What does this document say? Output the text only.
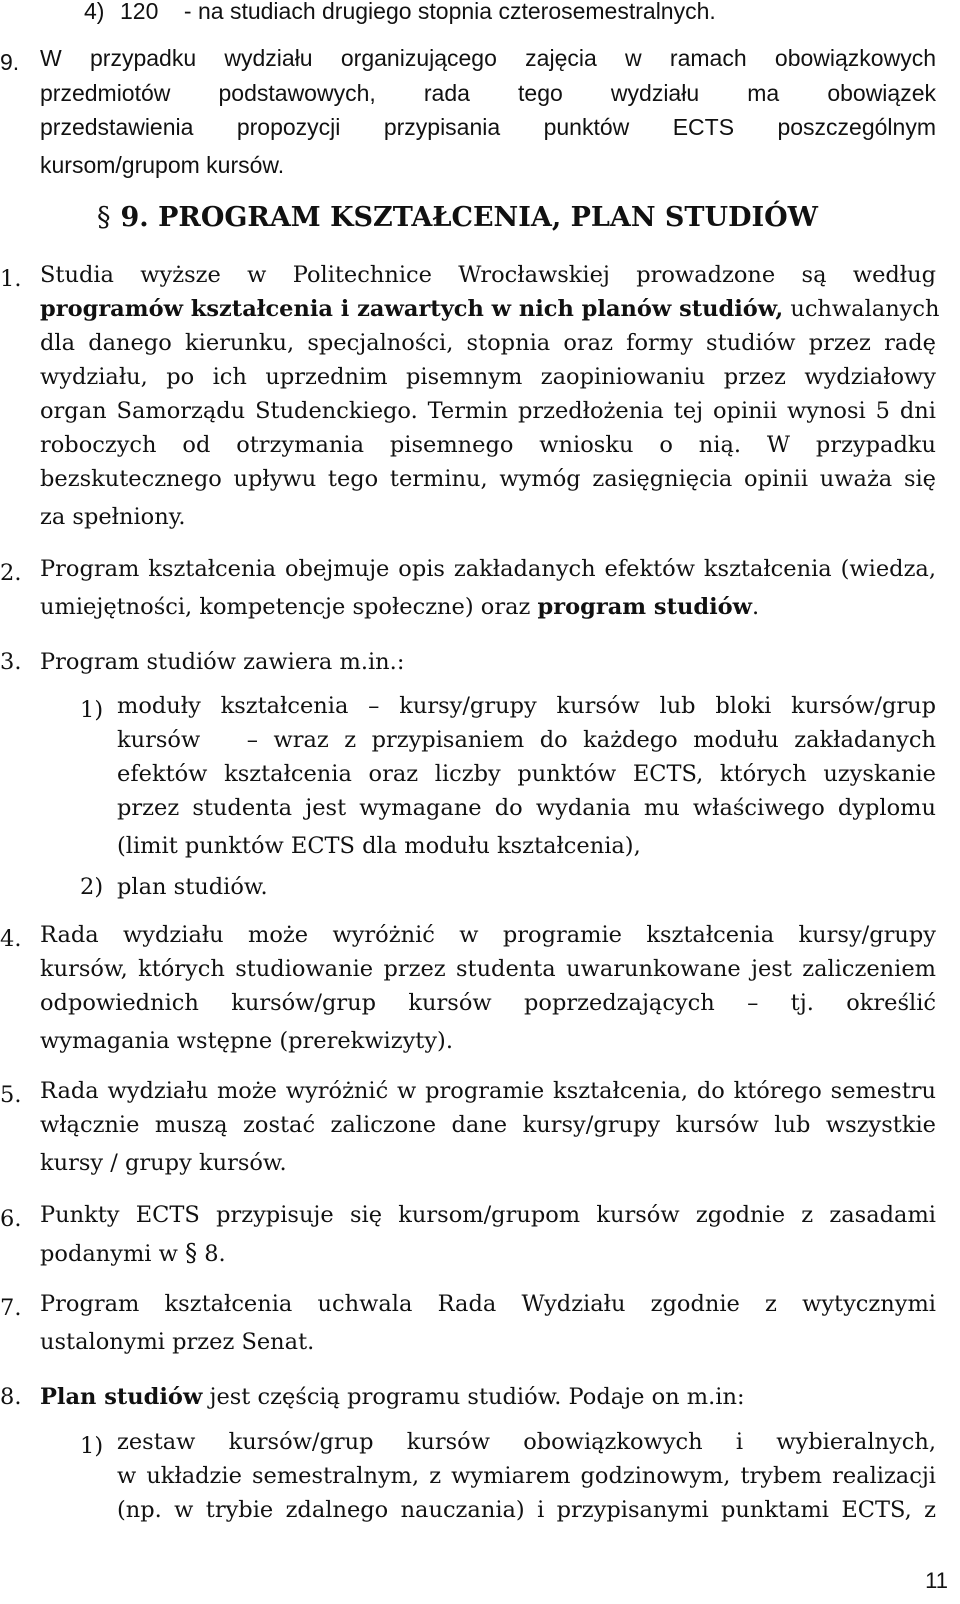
4) 120    - na studiach drugiego stopnia czterosemestralnych.
9. W przypadku wydziału organizującego zajęcia w ramach obowiązkowych
przedmiotów podstawowych, rada tego wydziału ma obowiązek
przedstawienia propozycji przypisania punktów ECTS poszczególnym
kursom/grupom kursów.
§ 9. PROGRAM KSZTAŁCENIA, PLAN STUDIÓW
1. Studia wyższe w Politechnice Wrocławskiej prowadzone są według
programów kształcenia i zawartych w nich planów studiów, uchwalanych
dla danego kierunku, specjalności, stopnia oraz formy studiów przez radę
wydziału, po ich uprzednim pisemnym zaopiniowaniu przez wydziałowy
organ Samorządu Studenckiego. Termin przedłożenia tej opinii wynosi 5 dni
roboczych od otrzymania pisemnego wniosku o nią. W przypadku
bezskutecznego upływu tego terminu, wymóg zasięgnięcia opinii uważa się
za spełniony.
2. Program kształcenia obejmuje opis zakładanych efektów kształcenia (wiedza,
umiejętności, kompetencje społeczne) oraz program studiów.
3. Program studiów zawiera m.in.:
1) moduły kształcenia – kursy/grupy kursów lub bloki kursów/grup
kursów   – wraz z przypisaniem do każdego modułu zakładanych
efektów kształcenia oraz liczby punktów ECTS, których uzyskanie
przez studenta jest wymagane do wydania mu właściwego dyplomu
(limit punktów ECTS dla modułu kształcenia),
2) plan studiów.
4. Rada wydziału może wyróżnić w programie kształcenia kursy/grupy
kursów, których studiowanie przez studenta uwarunkowane jest zaliczeniem
odpowiednich kursów/grup kursów poprzedzających – tj. określić
wymagania wstępne (prerekwizyty).
5. Rada wydziału może wyróżnić w programie kształcenia, do którego semestru
włącznie muszą zostać zaliczone dane kursy/grupy kursów lub wszystkie
kursy / grupy kursów.
6. Punkty ECTS przypisuje się kursom/grupom kursów zgodnie z zasadami
podanymi w § 8.
7. Program kształcenia uchwala Rada Wydziału zgodnie z wytycznymi
ustalonymi przez Senat.
8. Plan studiów jest częścią programu studiów. Podaje on m.in:
1) zestaw kursów/grup kursów obowiązkowych i wybieralnych,
w układzie semestralnym, z wymiarem godzinowym, trybem realizacji
(np. w trybie zdalnego nauczania) i przypisanymi punktami ECTS, z
11
